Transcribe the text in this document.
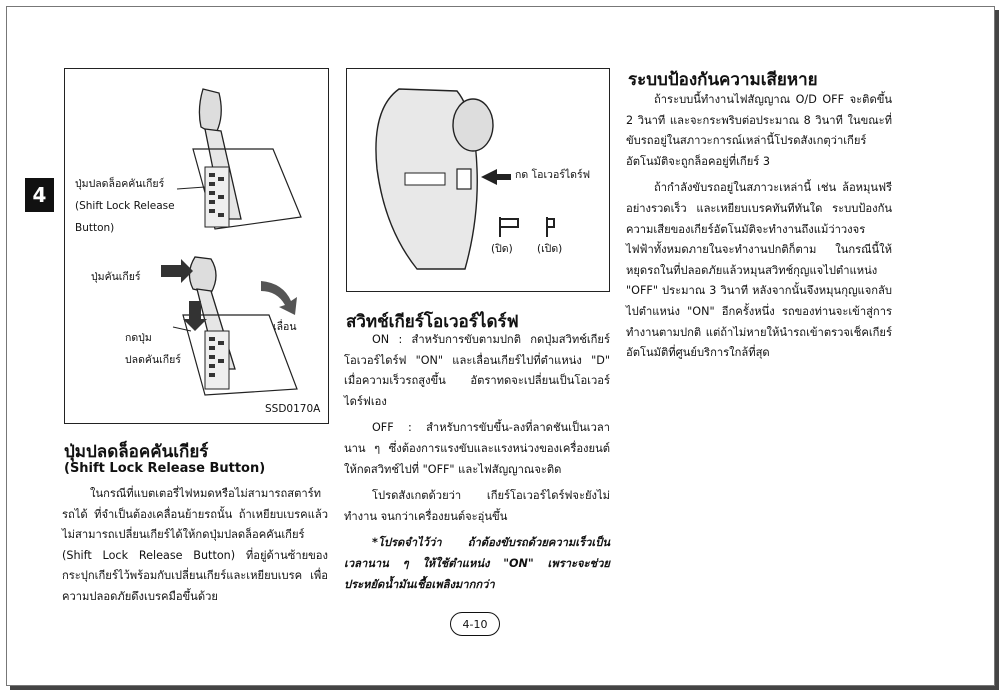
4	ปุ่มปลดล็อคคันเกียร์
(Shift Lock Release
Button)
ปุ่มคันเกียร์
เลื่อน
กดปุ่ม
ปลดคันเกียร์
SSD0170A
กด โอเวอร์ไดร์ฟ
(ปิด) (เปิด)
ปุ่มปลดล็อคคันเกียร์
(Shift Lock Release Button)

ในกรณีที่แบตเตอรี่ไฟหมดหรือไม่สามารถสตาร์ทรถได้ ที่จำเป็นต้องเคลื่อนย้ายรถนั้น ถ้าเหยียบเบรคแล้วไม่สามารถเปลี่ยนเกียร์ได้ให้กดปุ่มปลดล็อคคันเกียร์ (Shift Lock Release Button) ที่อยู่ด้านซ้ายของกระปุกเกียร์ไว้พร้อมกับเปลี่ยนเกียร์และเหยียบเบรค เพื่อความปลอดภัยดึงเบรคมือขึ้นด้วย

สวิทช์เกียร์โอเวอร์ไดร์ฟ

ON : สำหรับการขับตามปกติ กดปุ่มสวิทช์เกียร์โอเวอร์ไดร์ฟ "ON" และเลื่อนเกียร์ไปที่ตำแหน่ง "D" เมื่อความเร็วรถสูงขึ้น อัตราทดจะเปลี่ยนเป็นโอเวอร์ไดร์ฟเอง

OFF : สำหรับการขับขึ้น-ลงที่ลาดชันเป็นเวลานาน ๆ ซึ่งต้องการแรงขับและแรงหน่วงของเครื่องยนต์ ให้กดสวิทช์ไปที่ "OFF" และไฟสัญญาณจะติด

โปรดสังเกตด้วยว่า เกียร์โอเวอร์ไดร์ฟจะยังไม่ทำงาน จนกว่าเครื่องยนต์จะอุ่นขึ้น

*โปรดจำไว้ว่า ถ้าต้องขับรถด้วยความเร็วเป็นเวลานาน ๆ ให้ใช้ตำแหน่ง "ON" เพราะจะช่วยประหยัดน้ำมันเชื้อเพลิงมากกว่า

ระบบป้องกันความเสียหาย

ถ้าระบบนี้ทำงานไฟสัญญาณ O/D OFF จะติดขึ้น 2 วินาที และจะกระพริบต่อประมาณ 8 วินาที ในขณะที่ขับรถอยู่ในสภาวะการณ์เหล่านี้โปรดสังเกตุว่าเกียร์อัตโนมัติจะถูกล็อคอยู่ที่เกียร์ 3

ถ้ากำลังขับรถอยู่ในสภาวะเหล่านี้ เช่น ล้อหมุนฟรีอย่างรวดเร็ว และเหยียบเบรคทันทีทันใด ระบบป้องกันความเสียของเกียร์อัตโนมัติจะทำงานถึงแม้ว่าวงจรไฟฟ้าทั้งหมดภายในจะทำงานปกติก็ตาม ในกรณีนี้ให้หยุดรถในที่ปลอดภัยแล้วหมุนสวิทช์กุญแจไปตำแหน่ง "OFF" ประมาณ 3 วินาที หลังจากนั้นจึงหมุนกุญแจกลับไปตำแหน่ง "ON" อีกครั้งหนึ่ง รถของท่านจะเข้าสู่การทำงานตามปกติ แต่ถ้าไม่หายให้นำรถเข้าตรวจเช็คเกียร์อัตโนมัติที่ศูนย์บริการใกล้ที่สุด

4-10
